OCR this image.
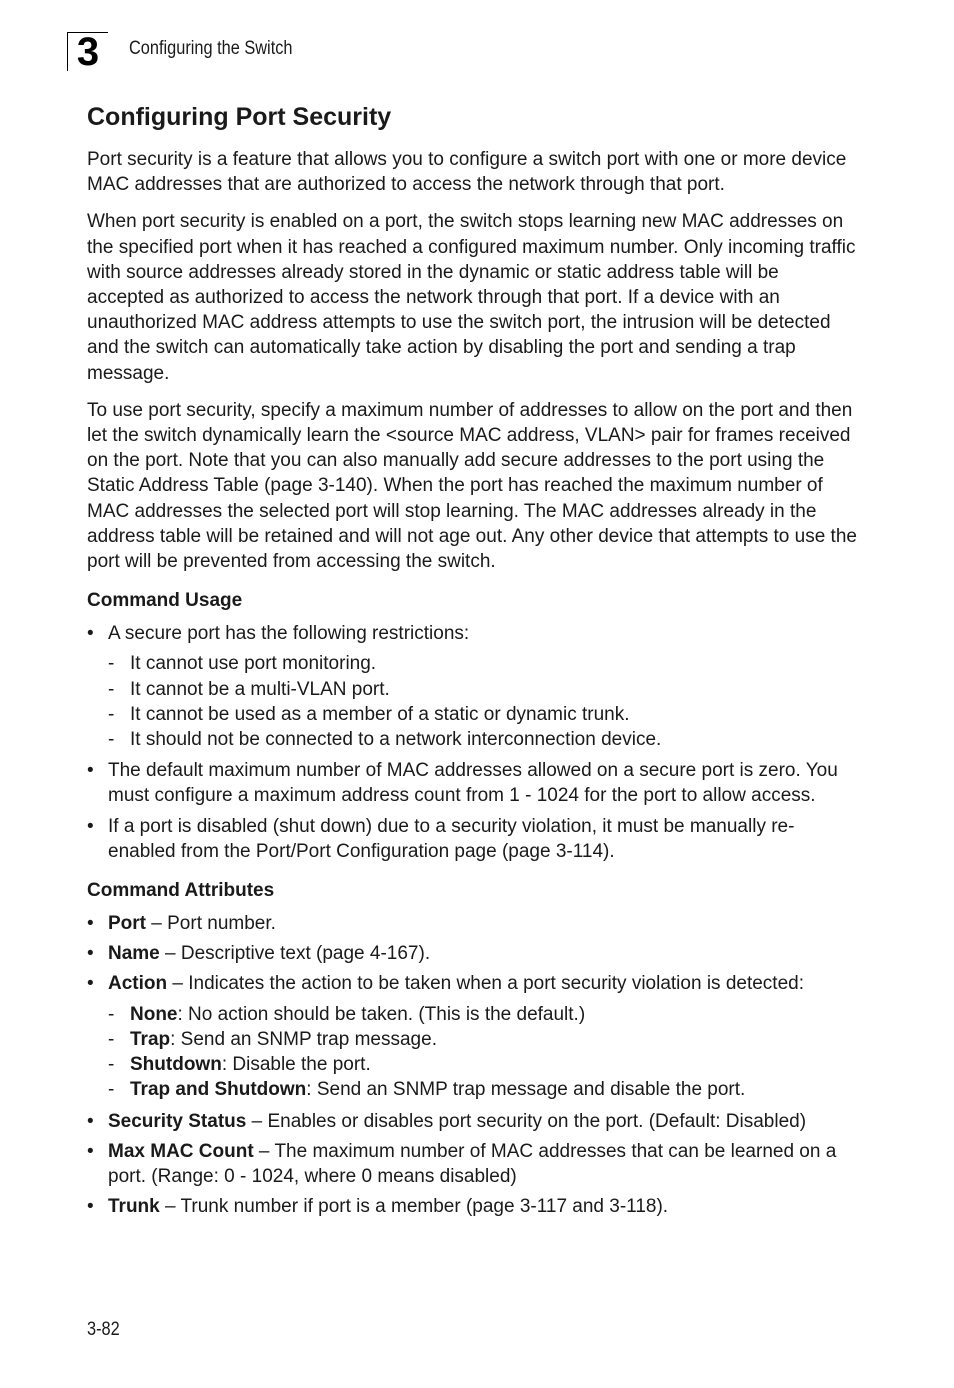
3	Configuring the Switch
Configuring Port Security

Port security is a feature that allows you to configure a switch port with one or more device MAC addresses that are authorized to access the network through that port.

When port security is enabled on a port, the switch stops learning new MAC addresses on the specified port when it has reached a configured maximum number. Only incoming traffic with source addresses already stored in the dynamic or static address table will be accepted as authorized to access the network through that port. If a device with an unauthorized MAC address attempts to use the switch port, the intrusion will be detected and the switch can automatically take action by disabling the port and sending a trap message.

To use port security, specify a maximum number of addresses to allow on the port and then let the switch dynamically learn the <source MAC address, VLAN> pair for frames received on the port. Note that you can also manually add secure addresses to the port using the Static Address Table (page 3-140). When the port has reached the maximum number of MAC addresses the selected port will stop learning. The MAC addresses already in the address table will be retained and will not age out. Any other device that attempts to use the port will be prevented from accessing the switch.

Command Usage
• A secure port has the following restrictions:
- It cannot use port monitoring.
- It cannot be a multi-VLAN port.
- It cannot be used as a member of a static or dynamic trunk.
- It should not be connected to a network interconnection device.
• The default maximum number of MAC addresses allowed on a secure port is zero. You must configure a maximum address count from 1 - 1024 for the port to allow access.
• If a port is disabled (shut down) due to a security violation, it must be manually re-enabled from the Port/Port Configuration page (page 3-114).
Command Attributes
• Port – Port number.
• Name – Descriptive text (page 4-167).
• Action – Indicates the action to be taken when a port security violation is detected:
- None: No action should be taken. (This is the default.)
- Trap: Send an SNMP trap message.
- Shutdown: Disable the port.
- Trap and Shutdown: Send an SNMP trap message and disable the port.
• Security Status – Enables or disables port security on the port. (Default: Disabled)
• Max MAC Count – The maximum number of MAC addresses that can be learned on a port. (Range: 0 - 1024, where 0 means disabled)
• Trunk – Trunk number if port is a member (page 3-117 and 3-118).
3-82
